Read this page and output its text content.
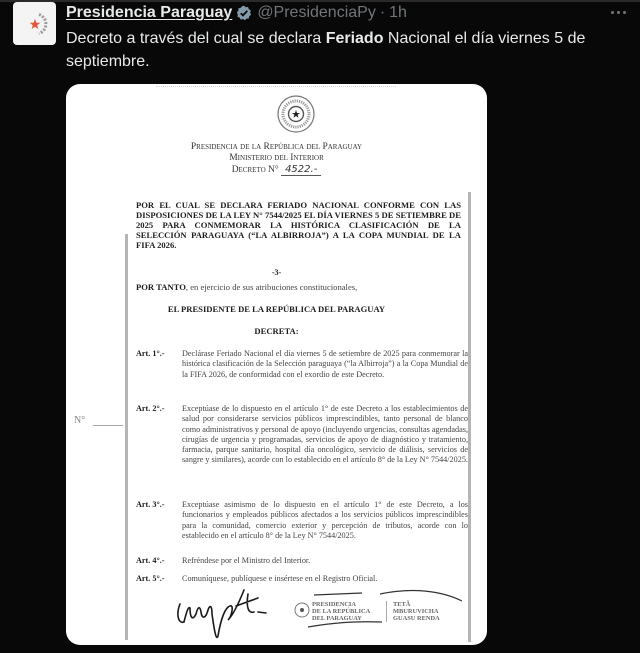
Presidencia Paraguay @PresidenciaPy · 1h
Decreto a través del cual se declara Feriado Nacional el día viernes 5 de septiembre.
N°
Presidencia de la República del Paraguay
Ministerio del Interior
Decreto N° 4522.-
POR EL CUAL SE DECLARA FERIADO NACIONAL CONFORME CON LAS DISPOSICIONES DE LA LEY N° 7544/2025 EL DÍA VIERNES 5 DE SETIEMBRE DE 2025 PARA CONMEMORAR LA HISTÓRICA CLASIFICACIÓN DE LA SELECCIÓN PARAGUAYA (“LA ALBIRROJA”) A LA COPA MUNDIAL DE LA FIFA 2026.
-3-
POR TANTO, en ejercicio de sus atribuciones constitucionales,
EL PRESIDENTE DE LA REPÚBLICA DEL PARAGUAY
DECRETA:
Art. 1°.-	Declárase Feriado Nacional el día viernes 5 de setiembre de 2025 para conmemorar la histórica clasificación de la Selección paraguaya (“la Albirroja”) a la Copa Mundial de la FIFA 2026, de conformidad con el exordio de este Decreto.
Art. 2°.-	Exceptúase de lo dispuesto en el artículo 1° de este Decreto a los establecimientos de salud por considerarse servicios públicos imprescindibles, tanto personal de blanco como administrativos y personal de apoyo (incluyendo urgencias, consultas agendadas, cirugías de urgencia y programadas, servicios de apoyo de diagnóstico y tratamiento, farmacia, parque sanitario, hospital día oncológico, servicio de diálisis, servicios de sangre y similares), acorde con lo establecido en el artículo 8° de la Ley N° 7544/2025.
Art. 3°.-	Exceptúase asimismo de lo dispuesto en el artículo 1° de este Decreto, a los funcionarios y empleados públicos afectados a los servicios públicos imprescindibles para la comunidad, comercio exterior y percepción de tributos, acorde con lo establecido en el artículo 8° de la Ley N° 7544/2025.
Art. 4°.-	Refréndese por el Ministro del Interior.
Art. 5°.-	Comuníquese, publíquese e insértese en el Registro Oficial.
PRESIDENCIA
DE LA REPÚBLICA
DEL PARAGUAY
TETÃ
MBURUVICHA
GUASU RENDA
